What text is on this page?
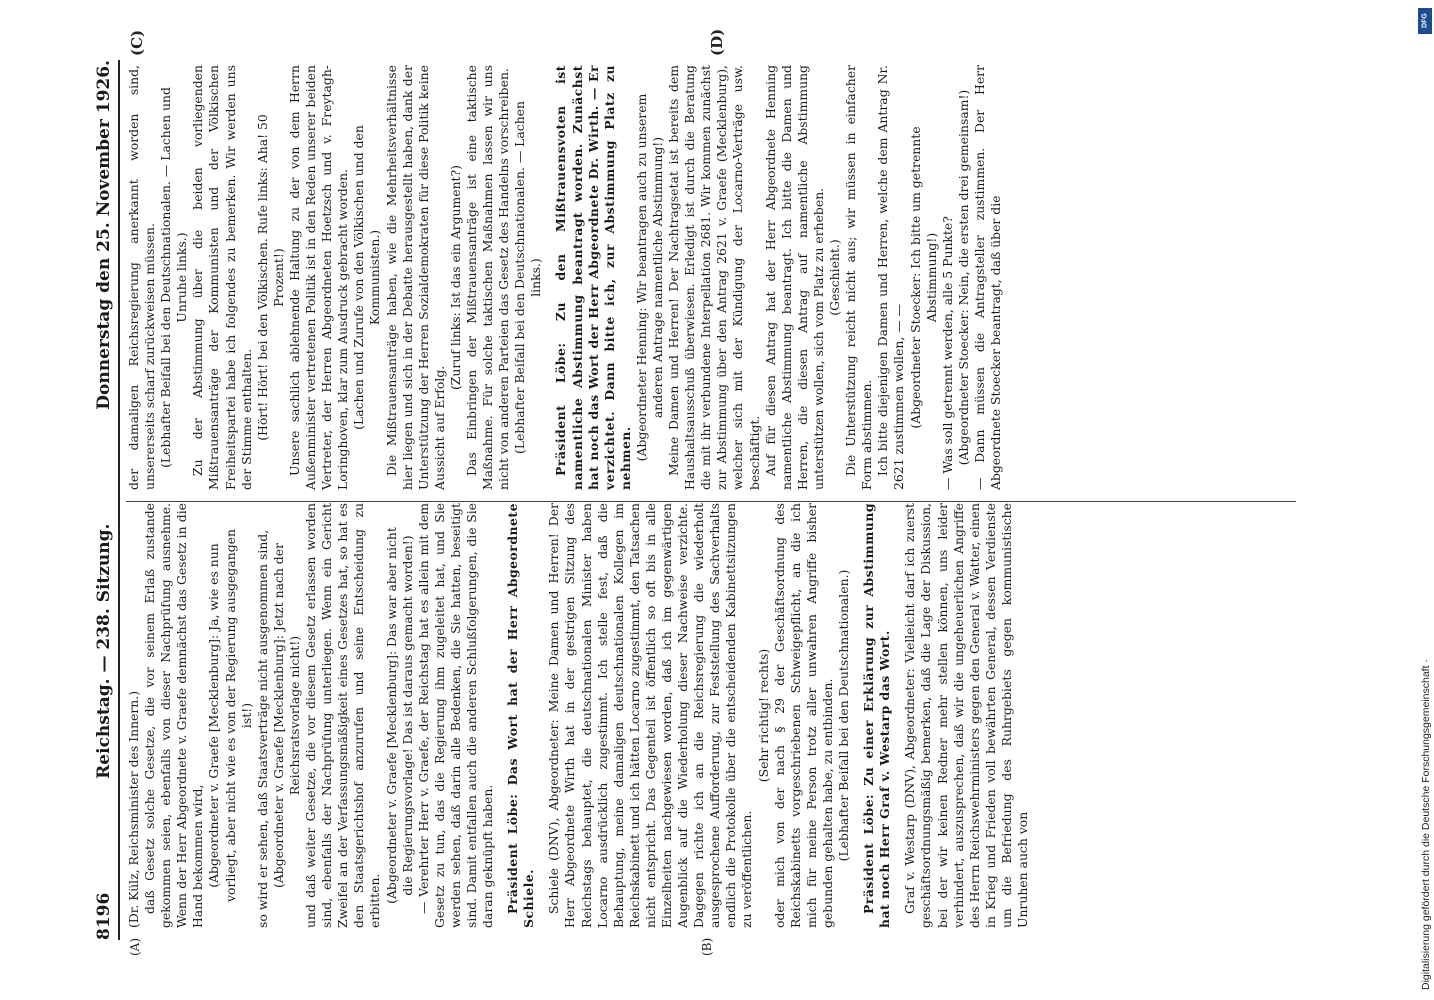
8196
Reichstag. — 238. Sitzung.
Donnerstag den 25. November 1926.
(A)	(B)
(C)	(D)

(Dr. Külz, Reichsminister des Innern.) daß Gesetz solche Gesetze, die vor seinem Erlaß zustande gekommen seien, ebenfalls von dieser Nachprüfung ausnehme. Wenn der Herr Abgeordnete v. Graefe demnächst das Gesetz in die Hand bekommen wird, (Abgeordneter v. Graefe [Mecklenburg]: Ja, wie es nun vorliegt, aber nicht wie es von der Regierung ausgegangen ist!) so wird er sehen, daß Staatsverträge nicht ausgenommen sind, (Abgeordneter v. Graefe [Mecklenburg]: Jetzt nach der Reichsratsvorlage nicht!) und daß weiter Gesetze, die vor diesem Gesetz erlassen worden sind, ebenfalls der Nachprüfung unterliegen. Wenn ein Gericht Zweifel an der Verfassungsmäßigkeit eines Gesetzes hat, so hat es den Staatsgerichtshof anzurufen und seine Entscheidung zu erbitten. (Abgeordneter v. Graefe [Mecklenburg]: Das war aber nicht die Regierungsvorlage! Das ist daraus gemacht worden!) — Verehrter Herr v. Graefe, der Reichstag hat es allein mit dem Gesetz zu tun, das die Regierung ihm zugeleitet hat, und Sie werden sehen, daß darin alle Bedenken, die Sie hatten, beseitigt sind. Damit entfallen auch die anderen Schlußfolgerungen, die Sie daran geknüpft haben. Präsident Löbe: Das Wort hat der Herr Abgeordnete Schiele. Schiele (DNV), Abgeordneter: Meine Damen und Herren! Der Herr Abgeordnete Wirth hat in der gestrigen Sitzung des Reichstags behauptet, die deutschnationalen Minister haben Locarno ausdrücklich zugestimmt. Ich stelle fest, daß die Behauptung, meine damaligen deutschnationalen Kollegen im Reichskabinett und ich hätten Locarno zugestimmt, den Tatsachen nicht entspricht. Das Gegenteil ist öffentlich so oft bis in alle Einzelheiten nachgewiesen worden, daß ich im gegenwärtigen Augenblick auf die Wiederholung dieser Nachweise verzichte. Dagegen richte ich an die Reichsregierung die wiederholt ausgesprochene Aufforderung, zur Feststellung des Sachverhalts endlich die Protokolle über die entscheidenden Kabinettsitzungen zu veröffentlichen.

(Sehr richtig! rechts) oder mich von der nach § 29 der Geschäftsordnung des Reichskabinetts vorgeschriebenen Schweigepflicht, an die ich mich für meine Person trotz aller unwahren Angriffe bisher gebunden gehalten habe, zu entbinden. (Lebhafter Beifall bei den Deutschnationalen.) Präsident Löbe: Zu einer Erklärung zur Abstimmung hat noch Herr Graf v. Westarp das Wort. Graf v. Westarp (DNV), Abgeordneter: Vielleicht darf ich zuerst geschäftsordnungsmäßig bemerken, daß die Lage der Diskussion, bei der wir keinen Redner mehr stellen können, uns leider verhindert, auszusprechen, daß wir die ungeheuerlichen Angriffe des Herrn Reichswehrministers gegen den General v. Watter, einen in Krieg und Frieden voll bewährten General, dessen Verdienste um die Befriedung des Ruhrgebiets gegen kommunistische Unruhen auch von

der damaligen Reichsregierung anerkannt worden sind, unsererseits scharf zurückweisen müssen. (Lebhafter Beifall bei den Deutschnationalen. — Lachen und Unruhe links.) Zu der Abstimmung über die beiden vorliegenden Mißtrauensanträge der Kommunisten und der Völkischen Freiheitspartei habe ich folgendes zu bemerken. Wir werden uns der Stimme enthalten. (Hört! Hört! bei den Völkischen. Rufe links: Aha! 50 Prozent!) Unsere sachlich ablehnende Haltung zu der von dem Herrn Außenminister vertretenen Politik ist in den Reden unserer beiden Vertreter, der Herren Abgeordneten Hoetzsch und v. Freytagh-Loringhoven, klar zum Ausdruck gebracht worden. (Lachen und Zurufe von den Völkischen und den Kommunisten.) Die Mißtrauensanträge haben, wie die Mehrheitsverhältnisse hier liegen und sich in der Debatte herausgestellt haben, dank der Unterstützung der Herren Sozialdemokraten für diese Politik keine Aussicht auf Erfolg.

(Zuruf links: Ist das ein Argument?) Das Einbringen der Mißtrauensanträge ist eine taktische Maßnahme. Für solche taktischen Maßnahmen lassen wir uns nicht von anderen Parteien das Gesetz des Handelns vorschreiben. (Lebhafter Beifall bei den Deutschnationalen. — Lachen links.) Präsident Löbe: Zu den Mißtrauensvoten ist namentliche Abstimmung beantragt worden. Zunächst hat noch das Wort der Herr Abgeordnete Dr. Wirth. — Er verzichtet. Dann bitte ich, zur Abstimmung Platz zu nehmen. (Abgeordneter Henning: Wir beantragen auch zu unserem anderen Antrage namentliche Abstimmung!) Meine Damen und Herren! Der Nachtragsetat ist bereits dem Haushaltsausschuß überwiesen. Erledigt ist durch die Beratung die mit ihr verbundene Interpellation 2681. Wir kommen zunächst zur Abstimmung über den Antrag 2621 v. Graefe (Mecklenburg), welcher sich mit der Kündigung der Locarno-Verträge usw. beschäftigt. Auf für diesen Antrag hat der Herr Abgeordnete Henning namentliche Abstimmung beantragt. Ich bitte die Damen und Herren, die diesen Antrag auf namentliche Abstimmung unterstützen wollen, sich vom Platz zu erheben. (Geschieht.) Die Unterstützung reicht nicht aus; wir müssen in einfacher Form abstimmen. Ich bitte diejenigen Damen und Herren, welche dem Antrag Nr. 2621 zustimmen wollen, — — (Abgeordneter Stoecker: Ich bitte um getrennte Abstimmung!) — Was soll getrennt werden, alle 5 Punkte? (Abgeordneter Stoecker: Nein, die ersten drei gemeinsam!) — Dann müssen die Antragsteller zustimmen. Der Herr Abgeordnete Stoecker beantragt, daß über die

DFG
Digitalisierung gefördert durch die Deutsche Forschungsgemeinschaft ·
